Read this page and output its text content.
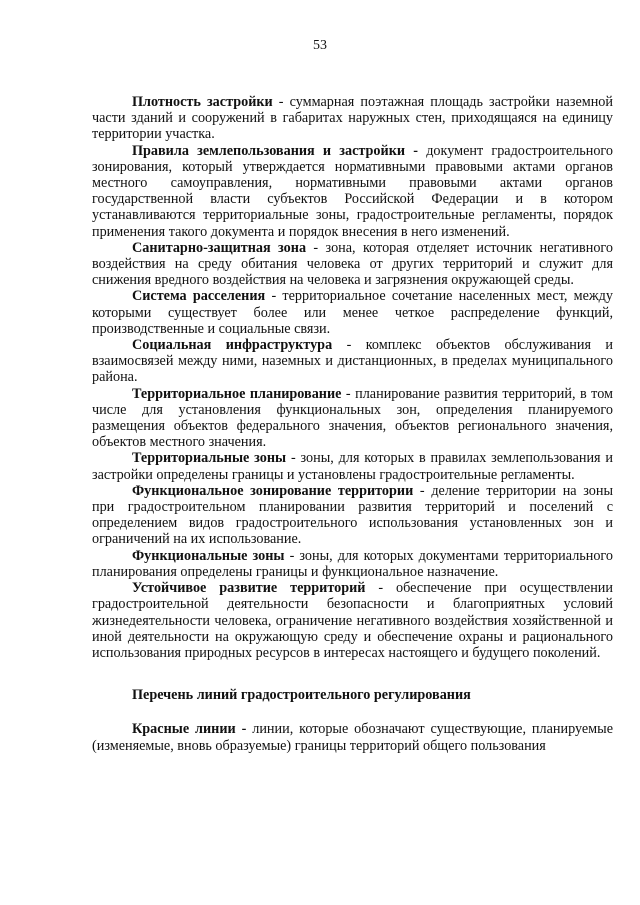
53

Плотность застройки - суммарная поэтажная площадь застройки наземной части зданий и сооружений в габаритах наружных стен, приходящаяся на единицу территории участка.

Правила землепользования и застройки - документ градостроительного зонирования, который утверждается нормативными правовыми актами органов местного самоуправления, нормативными правовыми актами органов государственной власти субъектов Российской Федерации и в котором устанавливаются территориальные зоны, градостроительные регламенты, порядок применения такого документа и порядок внесения в него изменений.

Санитарно-защитная зона - зона, которая отделяет источник негативного воздействия на среду обитания человека от других территорий и служит для снижения вредного воздействия на человека и загрязнения окружающей среды.

Система расселения - территориальное сочетание населенных мест, между которыми существует более или менее четкое распределение функций, производственные и социальные связи.

Социальная инфраструктура - комплекс объектов обслуживания и взаимосвязей между ними, наземных и дистанционных, в пределах муниципального района.

Территориальное планирование - планирование развития территорий, в том числе для установления функциональных зон, определения планируемого размещения объектов федерального значения, объектов регионального значения, объектов местного значения.

Территориальные зоны - зоны, для которых в правилах землепользования и застройки определены границы и установлены градостроительные регламенты.

Функциональное зонирование территории - деление территории на зоны при градостроительном планировании развития территорий и поселений с определением видов градостроительного использования установленных зон и ограничений на их использование.

Функциональные зоны - зоны, для которых документами территориального планирования определены границы и функциональное назначение.

Устойчивое развитие территорий - обеспечение при осуществлении градостроительной деятельности безопасности и благоприятных условий жизнедеятельности человека, ограничение негативного воздействия хозяйственной и иной деятельности на окружающую среду и обеспечение охраны и рационального использования природных ресурсов в интересах настоящего и будущего поколений.

Перечень линий градостроительного регулирования

Красные линии - линии, которые обозначают существующие, планируемые (изменяемые, вновь образуемые) границы территорий общего пользования
